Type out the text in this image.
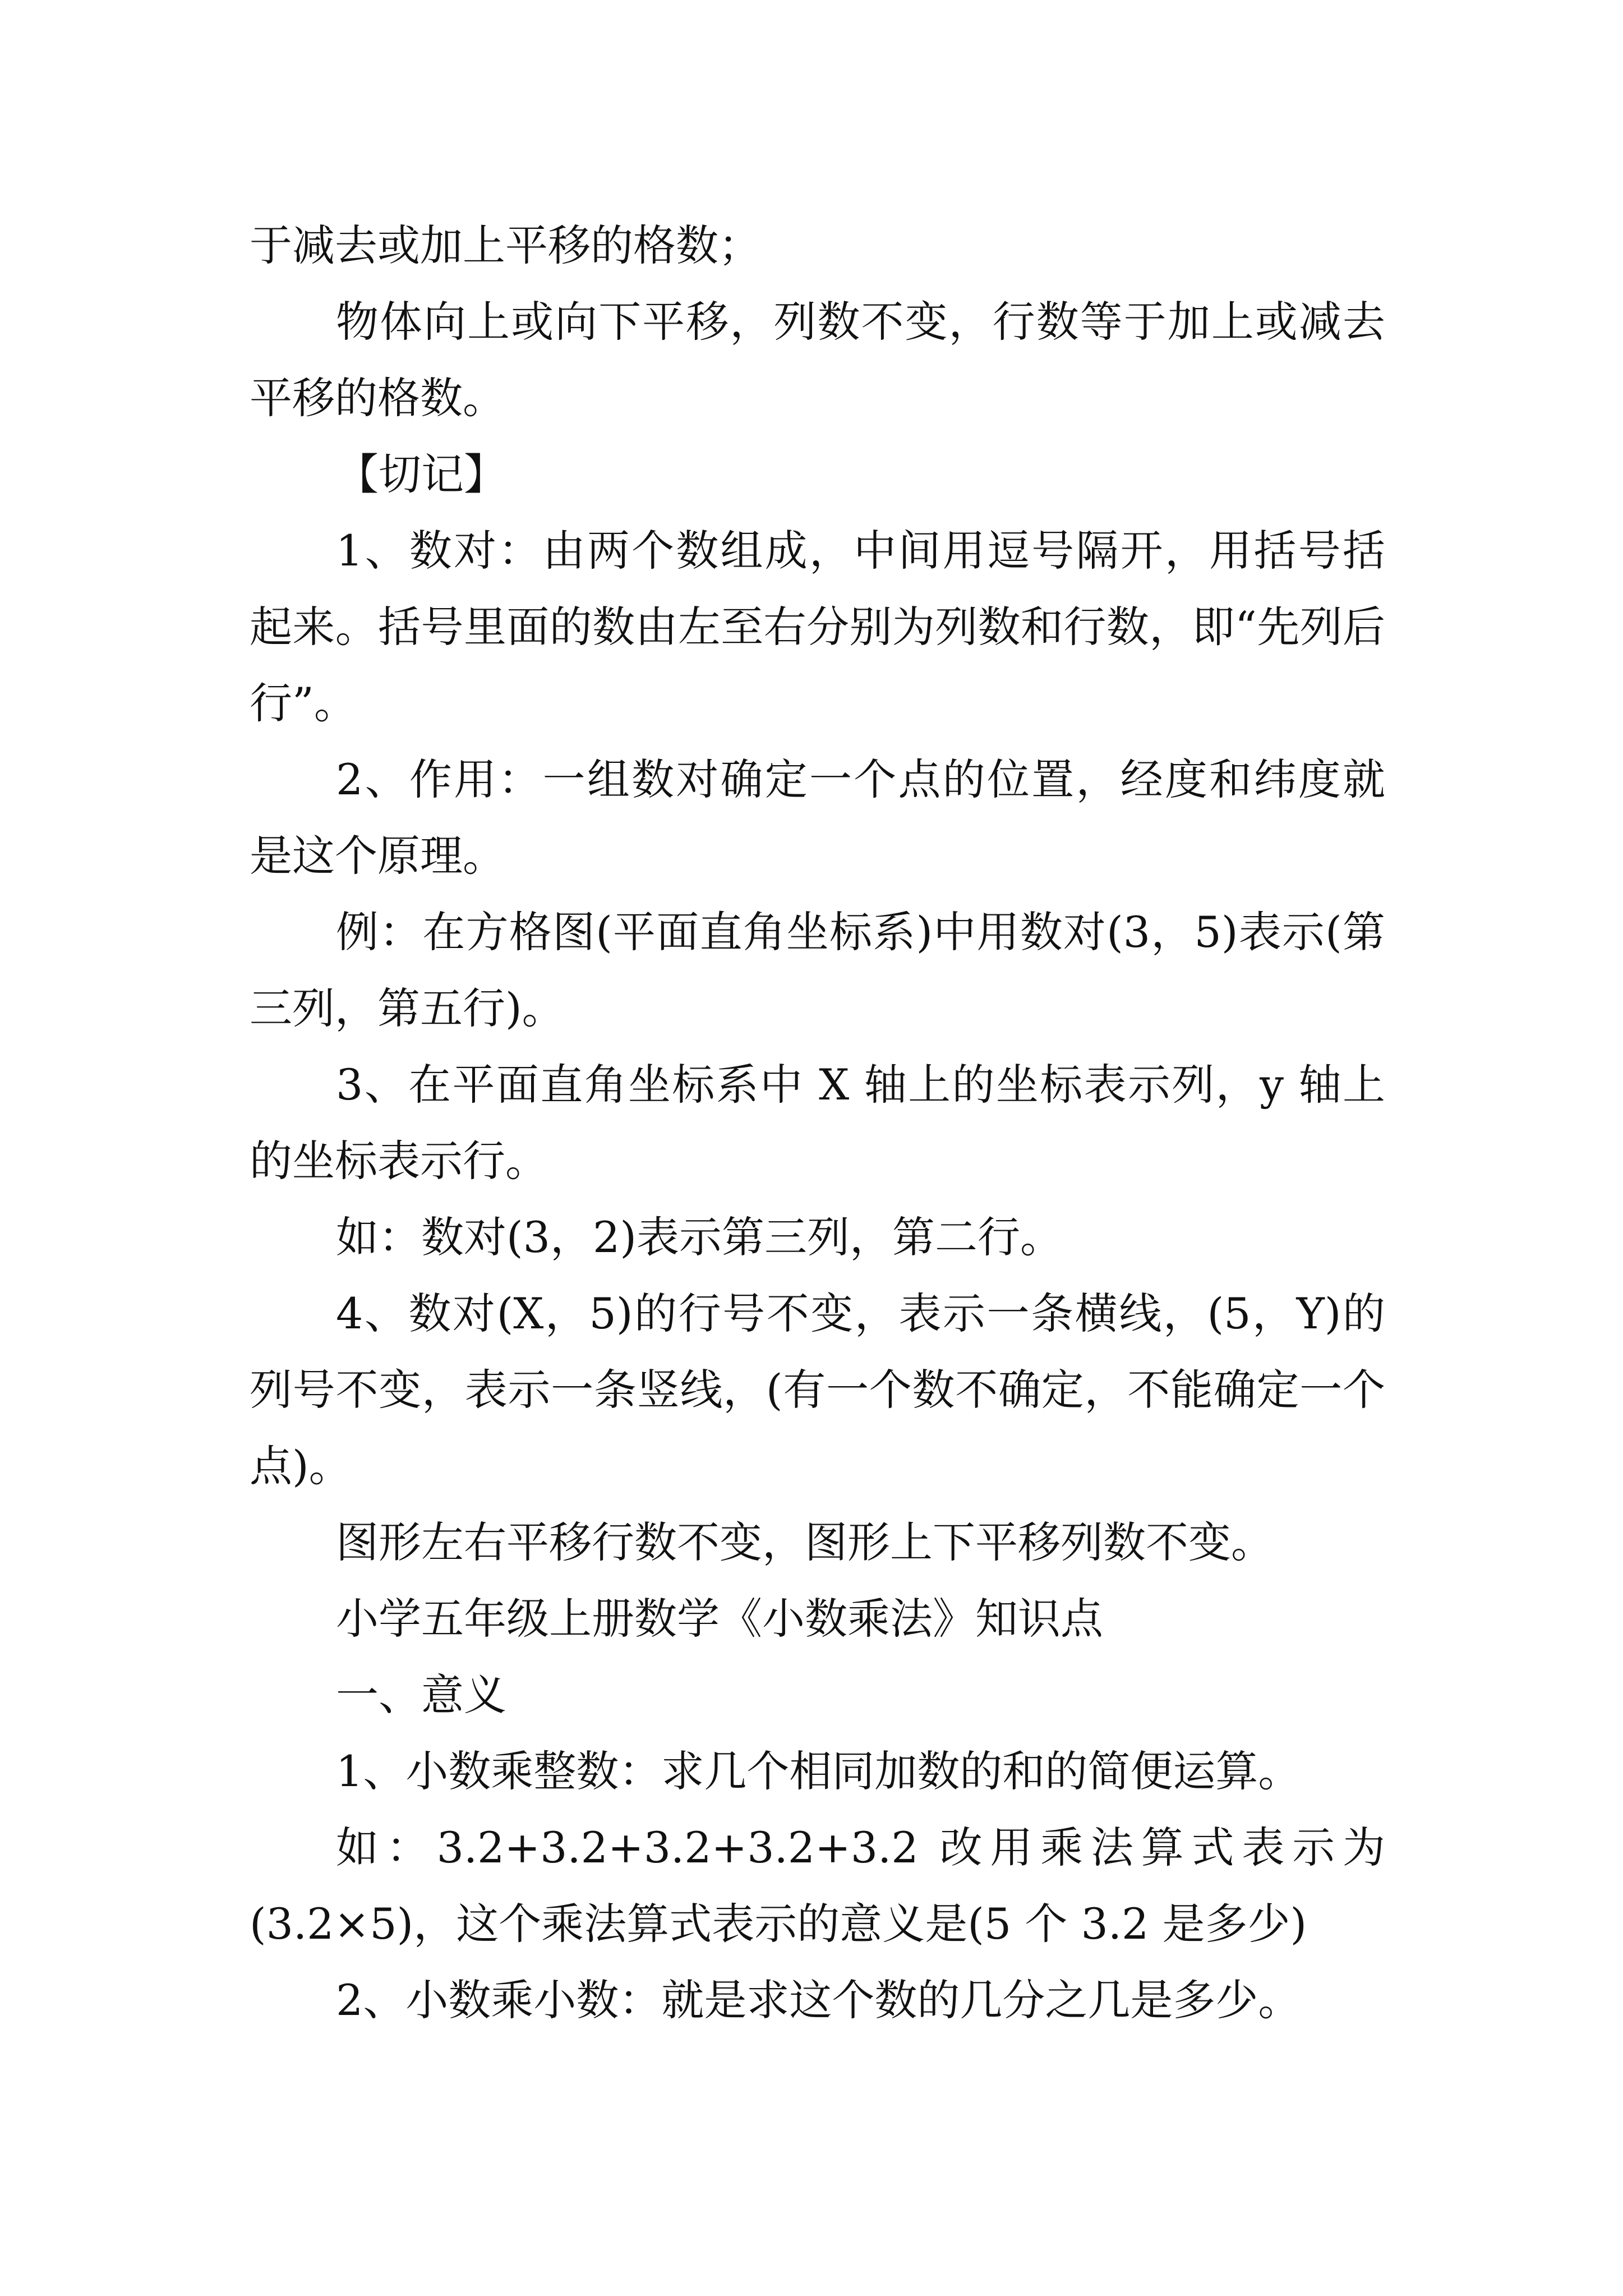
于减去或加上平移的格数；

物体向上或向下平移，列数不变，行数等于加上或减去平移的格数。

【切记】

1、数对：由两个数组成，中间用逗号隔开，用括号括起来。括号里面的数由左至右分别为列数和行数，即“先列后行”。

2、作用：一组数对确定一个点的位置，经度和纬度就是这个原理。

例：在方格图(平面直角坐标系)中用数对(3，5)表示(第三列，第五行)。

3、在平面直角坐标系中 X 轴上的坐标表示列，y 轴上的坐标表示行。

如：数对(3，2)表示第三列，第二行。

4、数对(X，5)的行号不变，表示一条横线，(5，Y)的列号不变，表示一条竖线，(有一个数不确定，不能确定一个点)。

图形左右平移行数不变，图形上下平移列数不变。

小学五年级上册数学《小数乘法》知识点

一、意义

1、小数乘整数：求几个相同加数的和的简便运算。

如：3.2+3.2+3.2+3.2+3.2 改用乘法算式表示为(3.2×5)，这个乘法算式表示的意义是(5 个 3.2 是多少)

2、小数乘小数：就是求这个数的几分之几是多少。
